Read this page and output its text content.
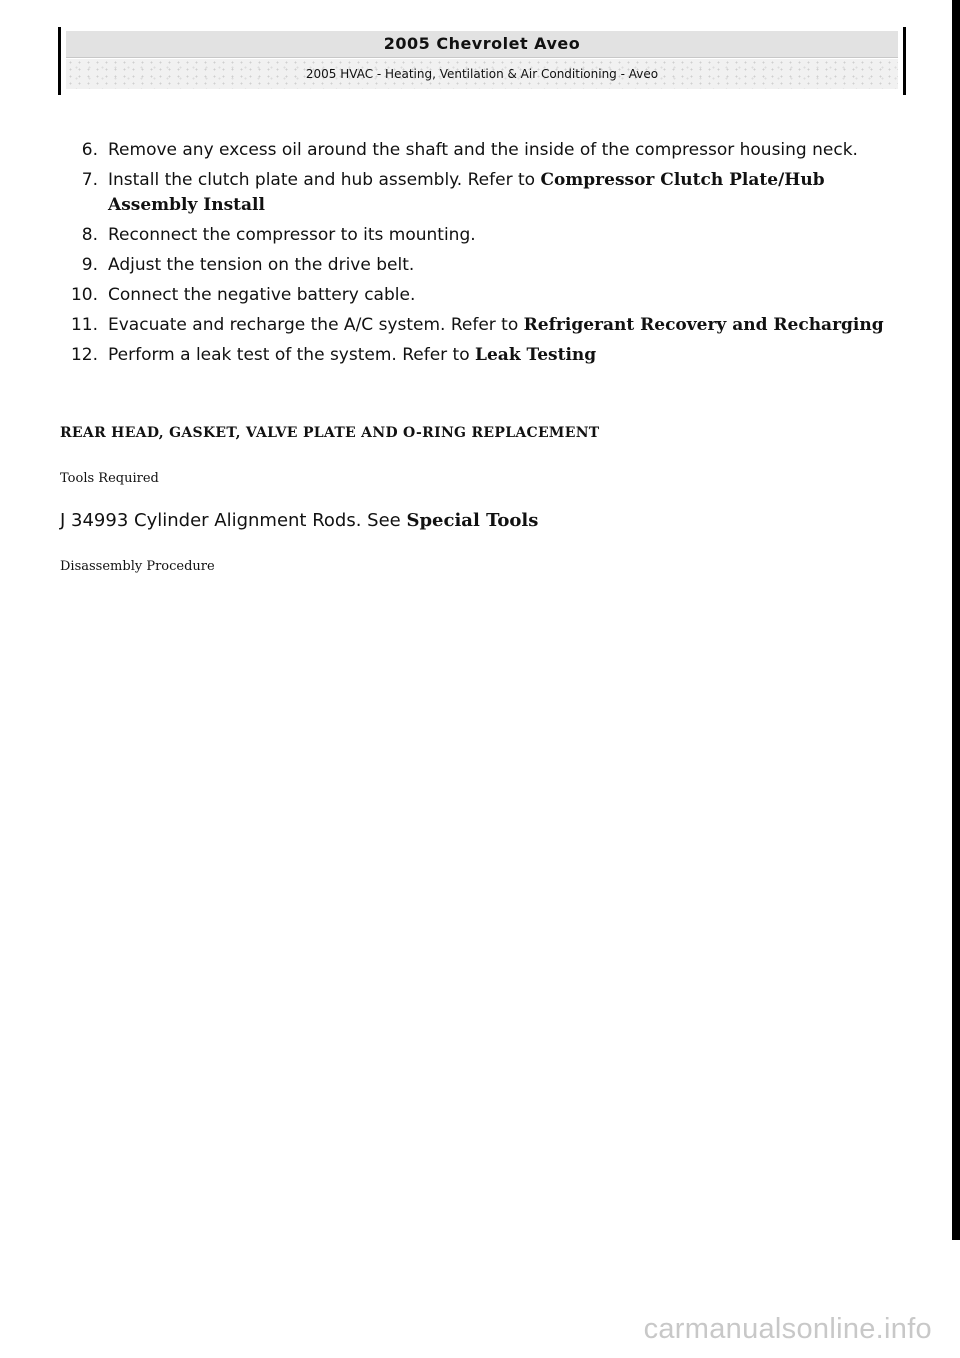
2005 Chevrolet Aveo
2005 HVAC - Heating, Ventilation & Air Conditioning - Aveo
6. Remove any excess oil around the shaft and the inside of the compressor housing neck.
7. Install the clutch plate and hub assembly. Refer to Compressor Clutch Plate/Hub Assembly Install
8. Reconnect the compressor to its mounting.
9. Adjust the tension on the drive belt.
10. Connect the negative battery cable.
11. Evacuate and recharge the A/C system. Refer to Refrigerant Recovery and Recharging
12. Perform a leak test of the system. Refer to Leak Testing
REAR HEAD, GASKET, VALVE PLATE AND O-RING REPLACEMENT
Tools Required
J 34993 Cylinder Alignment Rods. See Special Tools
Disassembly Procedure
carmanualsonline.info
